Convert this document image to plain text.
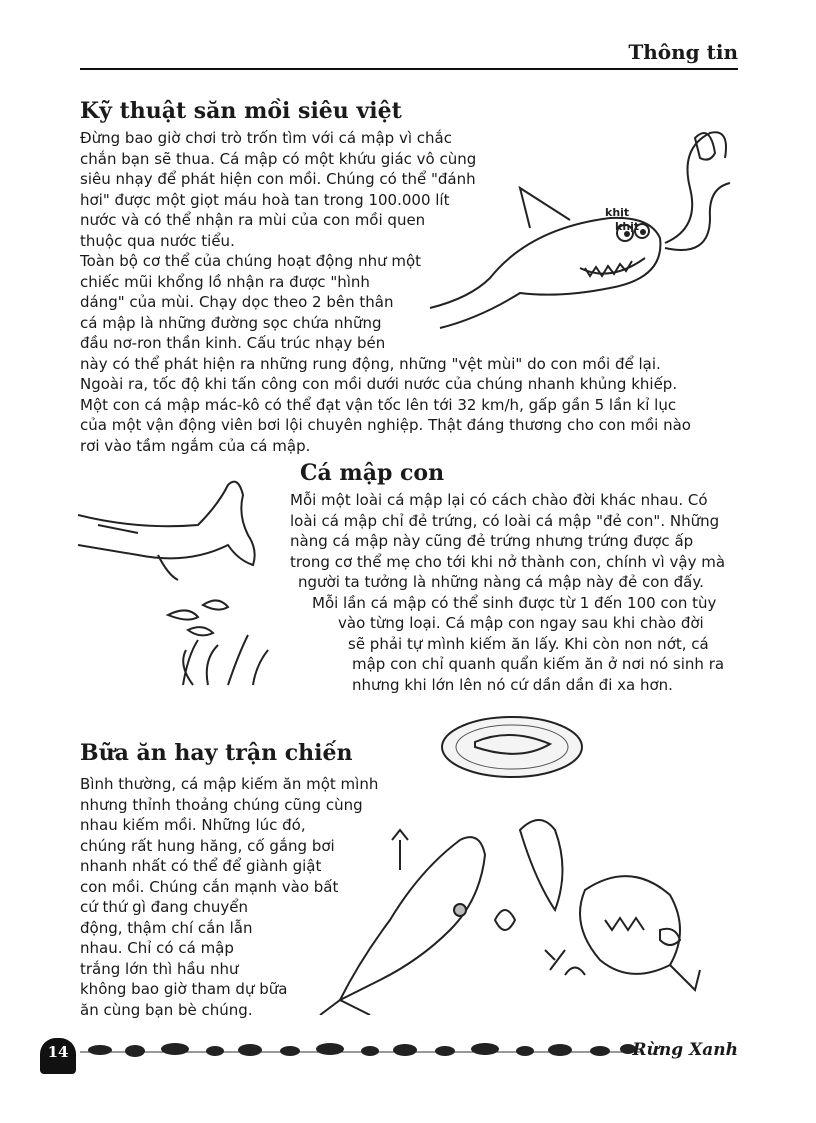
Thông tin
Kỹ thuật săn mồi siêu việt
Đừng bao giờ chơi trò trốn tìm với cá mập vì chắc
chắn bạn sẽ thua. Cá mập có một khứu giác vô cùng
siêu nhạy để phát hiện con mồi. Chúng có thể "đánh
hơi" được một giọt máu hoà tan trong 100.000 lít
nước và có thể nhận ra mùi của con mồi quen
thuộc qua nước tiểu.
Toàn bộ cơ thể của chúng hoạt động như một
chiếc mũi khổng lồ nhận ra được "hình
dáng" của mùi. Chạy dọc theo 2 bên thân
cá mập là những đường sọc chứa những
đầu nơ-ron thần kinh. Cấu trúc nhạy bén
này có thể phát hiện ra những rung động, những "vệt mùi" do con mồi để lại.
Ngoài ra, tốc độ khi tấn công con mồi dưới nước của chúng nhanh khủng khiếp.
Một con cá mập mác-kô có thể đạt vận tốc lên tới 32 km/h, gấp gần 5 lần kỉ lục
của một vận động viên bơi lội chuyên nghiệp. Thật đáng thương cho con mồi nào
rơi vào tầm ngắm của cá mập.
khịt
khịt
Cá mập con
Mỗi một loài cá mập lại có cách chào đời khác nhau. Có
loài cá mập chỉ đẻ trứng, có loài cá mập "đẻ con". Những
nàng cá mập này cũng đẻ trứng nhưng trứng được ấp
trong cơ thể mẹ cho tới khi nở thành con, chính vì vậy mà
người ta tưởng là những nàng cá mập này đẻ con đấy.
Mỗi lần cá mập có thể sinh được từ 1 đến 100 con tùy
vào từng loại. Cá mập con ngay sau khi chào đời
sẽ phải tự mình kiếm ăn lấy. Khi còn non nớt, cá
mập con chỉ quanh quẩn kiếm ăn ở nơi nó sinh ra
nhưng khi lớn lên nó cứ dần dần đi xa hơn.
Bữa ăn hay trận chiến
Bình thường, cá mập kiếm ăn một mình
nhưng thỉnh thoảng chúng cũng cùng
nhau kiếm mồi. Những lúc đó,
chúng rất hung hăng, cố gắng bơi
nhanh nhất có thể để giành giật
con mồi. Chúng cắn mạnh vào bất
cứ thứ gì đang chuyển
động, thậm chí cắn lẫn
nhau. Chỉ có cá mập
trắng lớn thì hầu như
không bao giờ tham dự bữa
ăn cùng bạn bè chúng.
14	Rừng Xanh
